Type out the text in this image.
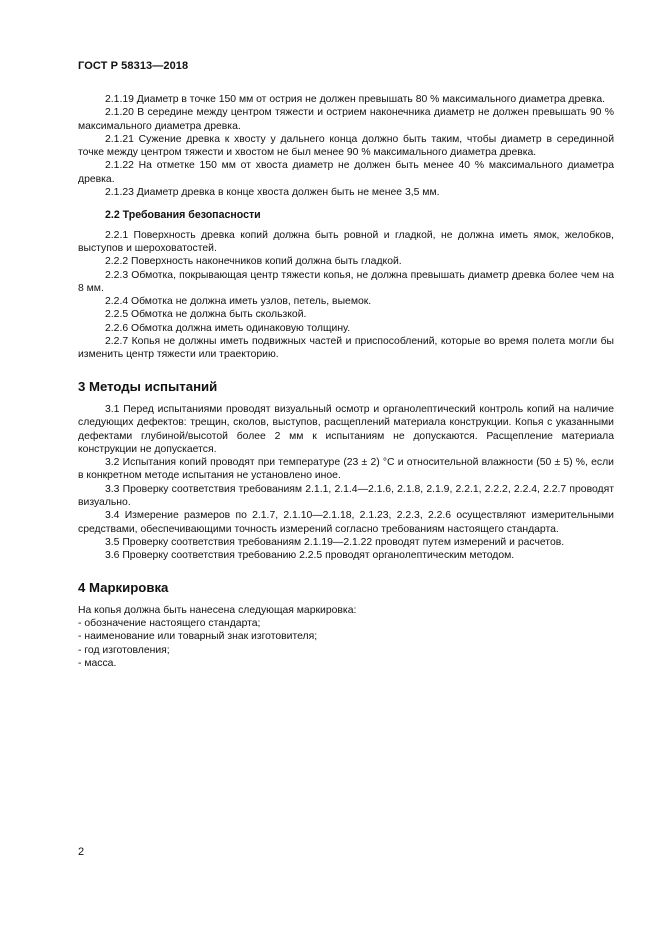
ГОСТ Р 58313—2018

2.1.19 Диаметр в точке 150 мм от острия не должен превышать 80 % максимального диаметра древка.

2.1.20 В середине между центром тяжести и острием наконечника диаметр не должен превышать 90 % максимального диаметра древка.

2.1.21 Сужение древка к хвосту у дальнего конца должно быть таким, чтобы диаметр в серединной точке между центром тяжести и хвостом не был менее 90 % максимального диаметра древка.

2.1.22 На отметке 150 мм от хвоста диаметр не должен быть менее 40 % максимального диаметра древка.

2.1.23 Диаметр древка в конце хвоста должен быть не менее 3,5 мм.

2.2 Требования безопасности

2.2.1 Поверхность древка копий должна быть ровной и гладкой, не должна иметь ямок, желобков, выступов и шероховатостей.

2.2.2 Поверхность наконечников копий должна быть гладкой.

2.2.3 Обмотка, покрывающая центр тяжести копья, не должна превышать диаметр древка более чем на 8 мм.

2.2.4 Обмотка не должна иметь узлов, петель, выемок.

2.2.5 Обмотка не должна быть скользкой.

2.2.6 Обмотка должна иметь одинаковую толщину.

2.2.7 Копья не должны иметь подвижных частей и приспособлений, которые во время полета могли бы изменить центр тяжести или траекторию.

3 Методы испытаний

3.1 Перед испытаниями проводят визуальный осмотр и органолептический контроль копий на наличие следующих дефектов: трещин, сколов, выступов, расщеплений материала конструкции. Копья с указанными дефектами глубиной/высотой более 2 мм к испытаниям не допускаются. Расщепление материала конструкции не допускается.

3.2 Испытания копий проводят при температуре (23 ± 2) °С и относительной влажности (50 ± 5) %, если в конкретном методе испытания не установлено иное.

3.3 Проверку соответствия требованиям 2.1.1, 2.1.4—2.1.6, 2.1.8, 2.1.9, 2.2.1, 2.2.2, 2.2.4, 2.2.7 проводят визуально.

3.4 Измерение размеров по 2.1.7, 2.1.10—2.1.18, 2.1.23, 2.2.3, 2.2.6 осуществляют измерительными средствами, обеспечивающими точность измерений согласно требованиям настоящего стандарта.

3.5 Проверку соответствия требованиям 2.1.19—2.1.22 проводят путем измерений и расчетов.

3.6 Проверку соответствия требованию 2.2.5 проводят органолептическим методом.

4 Маркировка

На копья должна быть нанесена следующая маркировка:

- обозначение настоящего стандарта;

- наименование или товарный знак изготовителя;

- год изготовления;

- масса.

2
